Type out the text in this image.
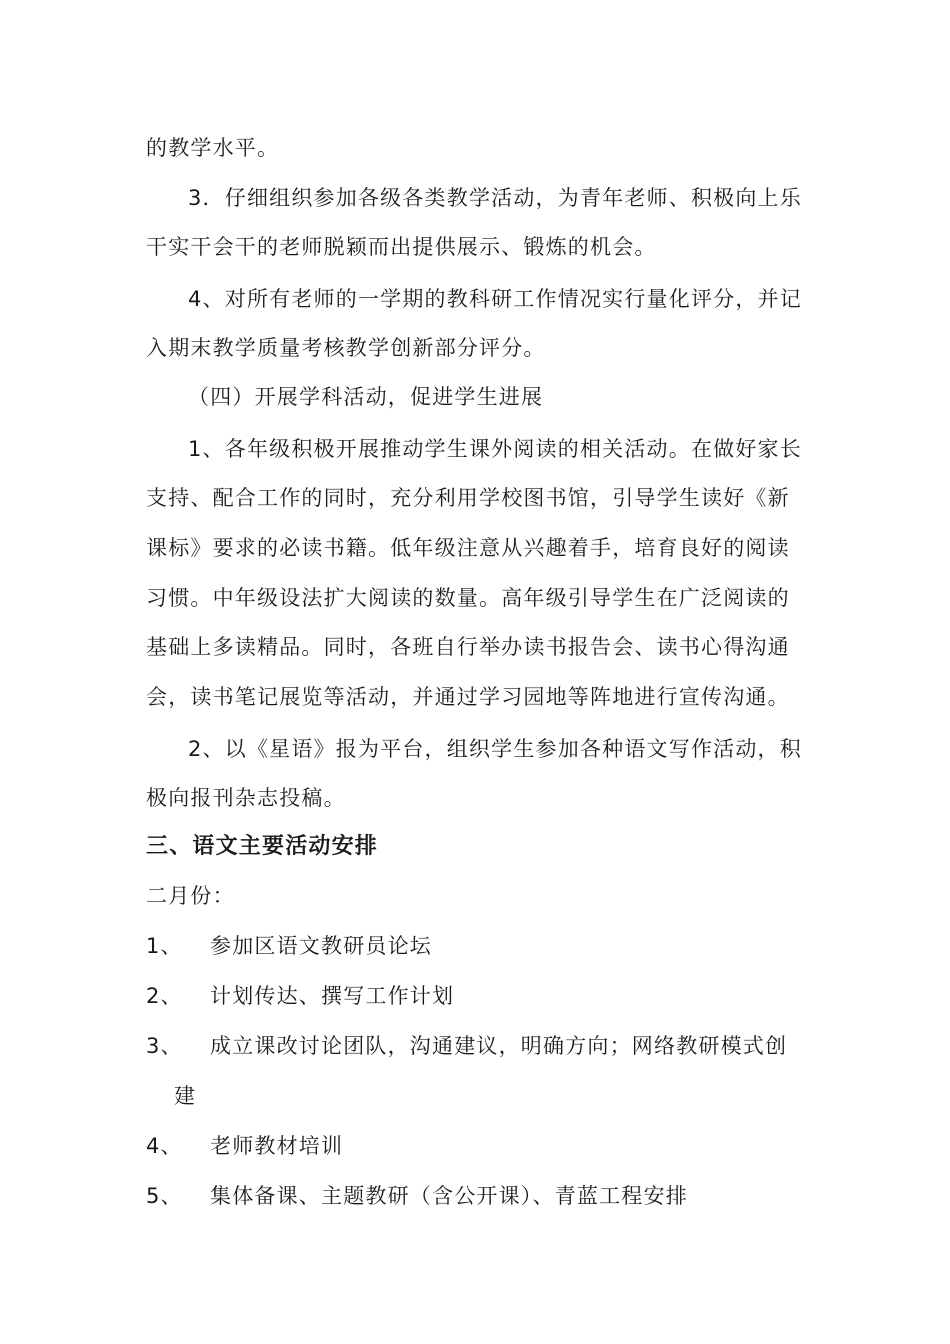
的教学水平。
3．仔细组织参加各级各类教学活动，为青年老师、积极向上乐
干实干会干的老师脱颖而出提供展示、锻炼的机会。
4、对所有老师的一学期的教科研工作情况实行量化评分，并记
入期末教学质量考核教学创新部分评分。
（四）开展学科活动，促进学生进展
1、各年级积极开展推动学生课外阅读的相关活动。在做好家长
支持、配合工作的同时，充分利用学校图书馆，引导学生读好《新
课标》要求的必读书籍。低年级注意从兴趣着手，培育良好的阅读
习惯。中年级设法扩大阅读的数量。高年级引导学生在广泛阅读的
基础上多读精品。同时，各班自行举办读书报告会、读书心得沟通
会，读书笔记展览等活动，并通过学习园地等阵地进行宣传沟通。
2、以《星语》报为平台，组织学生参加各种语文写作活动，积
极向报刊杂志投稿。
三、语文主要活动安排
二月份：
1、 参加区语文教研员论坛
2、 计划传达、撰写工作计划
3、 成立课改讨论团队，沟通建议，明确方向；网络教研模式创
建
4、 老师教材培训
5、 集体备课、主题教研（含公开课）、青蓝工程安排
